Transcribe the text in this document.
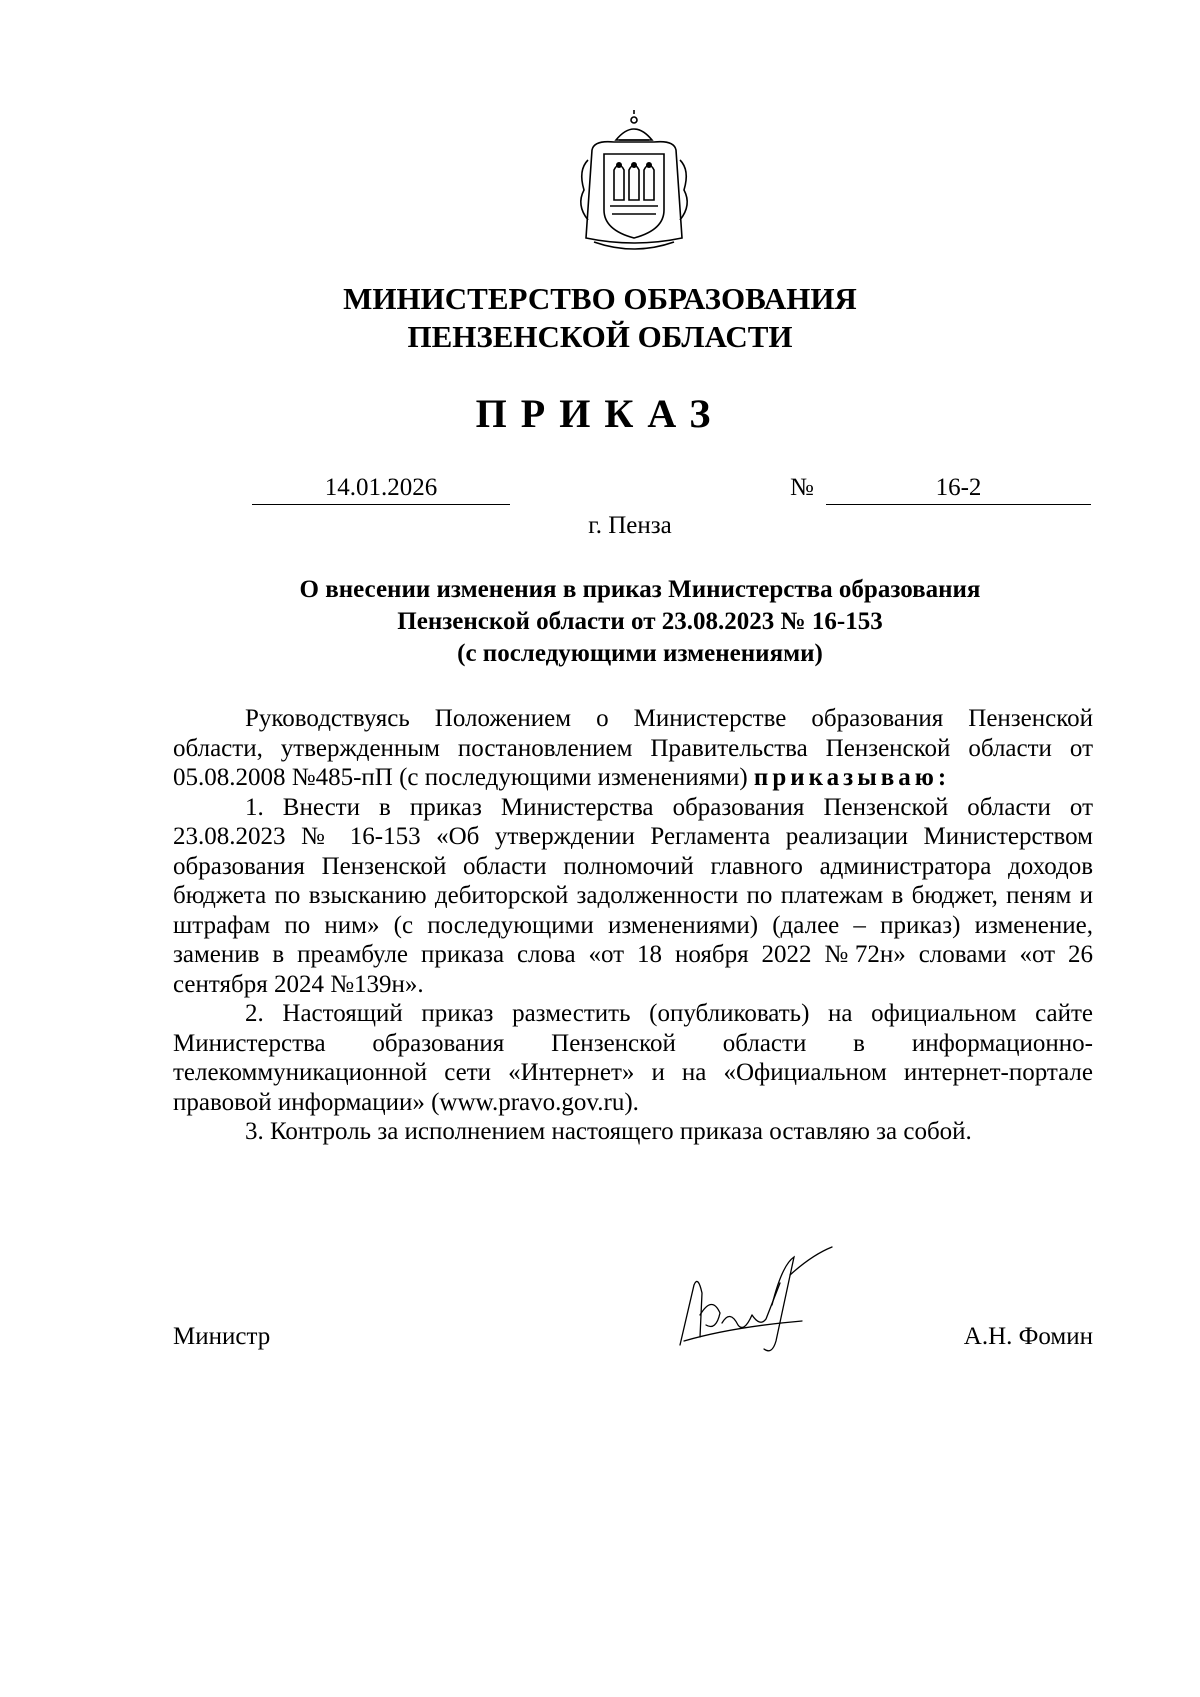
МИНИСТЕРСТВО ОБРАЗОВАНИЯ
ПЕНЗЕНСКОЙ ОБЛАСТИ
ПРИКАЗ
14.01.2026	№	16-2
г. Пенза
О внесении изменения в приказ Министерства образования
Пензенской области от 23.08.2023 № 16-153
(с последующими изменениями)

Руководствуясь Положением о Министерстве образования Пензенской области, утвержденным постановлением Правительства Пензенской области от 05.08.2008 №485-пП (с последующими изменениями) приказываю:

1. Внести в приказ Министерства образования Пензенской области от 23.08.2023 № 16-153 «Об утверждении Регламента реализации Министерством образования Пензенской области полномочий главного администратора доходов бюджета по взысканию дебиторской задолженности по платежам в бюджет, пеням и штрафам по ним» (с последующими изменениями) (далее – приказ) изменение, заменив в преамбуле приказа слова «от 18 ноября 2022 №72н» словами «от 26 сентября 2024 №139н».

2. Настоящий приказ разместить (опубликовать) на официальном сайте Министерства образования Пензенской области в информационно-телекоммуникационной сети «Интернет» и на «Официальном интернет-портале правовой информации» (www.pravo.gov.ru).

3. Контроль за исполнением настоящего приказа оставляю за собой.

Министр	А.Н. Фомин
